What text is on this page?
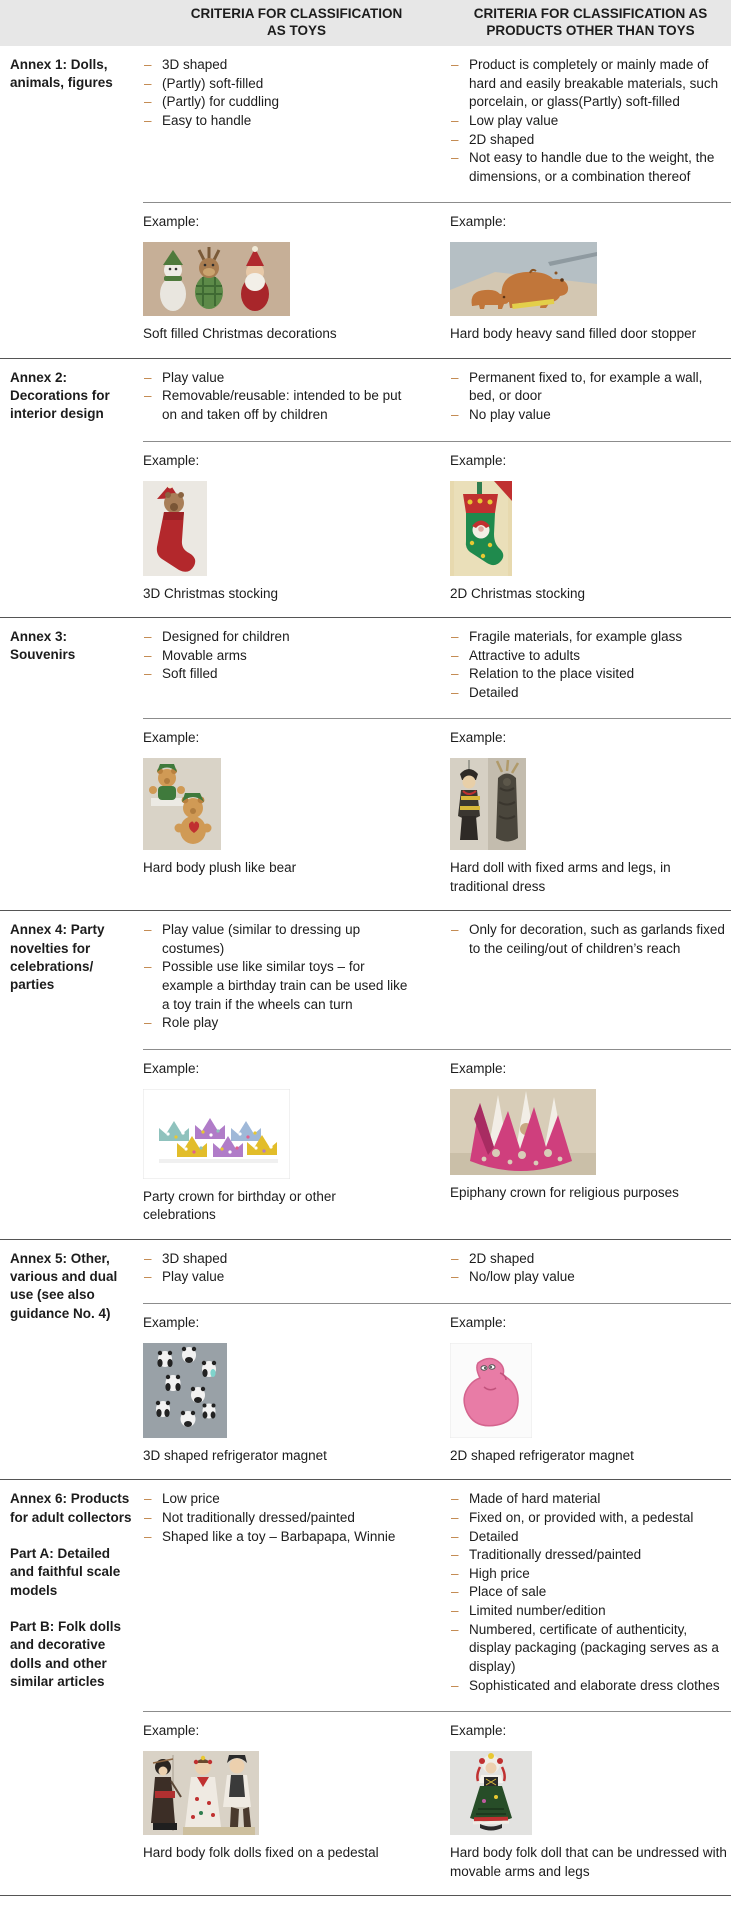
CRITERIA FOR CLASSIFICATION AS TOYS
CRITERIA FOR CLASSIFICATION AS PRODUCTS OTHER THAN TOYS

Annex 1: Dolls, animals, figures

– 3D shaped
– (Partly) soft-filled
– (Partly) for cuddling
– Easy to handle
– Product is completely or mainly made of hard and easily breakable materials, such porcelain, or glass(Partly) soft-filled
– Low play value
– 2D shaped
– Not easy to handle due to the weight, the dimensions, or a combination thereof

Example:

Soft filled Christmas decorations

Example:

Hard body heavy sand filled door stopper

Annex 2: Decorations for interior design

– Play value
– Removable/reusable: intended to be put on and taken off by children
– Permanent fixed to, for example a wall, bed, or door
– No play value

Example:

3D Christmas stocking

Example:

2D Christmas stocking

Annex 3: Souvenirs

– Designed for children
– Movable arms
– Soft filled
– Fragile materials, for example glass
– Attractive to adults
– Relation to the place visited
– Detailed

Example:

Hard body plush like bear

Example:

Hard doll with fixed arms and legs, in traditional dress

Annex 4: Party novelties for celebrations/​parties

– Play value (similar to dressing up costumes)
– Possible use like similar toys – for example a birthday train can be used like a toy train if the wheels can turn
– Role play
– Only for decoration, such as garlands fixed to the ceiling/out of children’s reach

Example:

Party crown for birthday or other celebrations

Example:

Epiphany crown for religious purposes

Annex 5: Other, various and dual use (see also guidance No. 4)

– 3D shaped
– Play value
– 2D shaped
– No/low play value

Example:

3D shaped refrigerator magnet

Example:

2D shaped refrigerator magnet

Annex 6: Products for adult collectors

Part A: Detailed and faithful scale models

Part B: Folk dolls and decorative dolls and other similar articles

– Low price
– Not traditionally dressed/painted
– Shaped like a toy – Barbapapa, Winnie
– Made of hard material
– Fixed on, or provided with, a pedestal
– Detailed
– Traditionally dressed/painted
– High price
– Place of sale
– Limited number/edition
– Numbered, certificate of authenticity, display packaging (packaging serves as a display)
– Sophisticated and elaborate dress clothes

Example:

Hard body folk dolls fixed on a pedestal

Example:

Hard body folk doll that can be undressed with movable arms and legs
